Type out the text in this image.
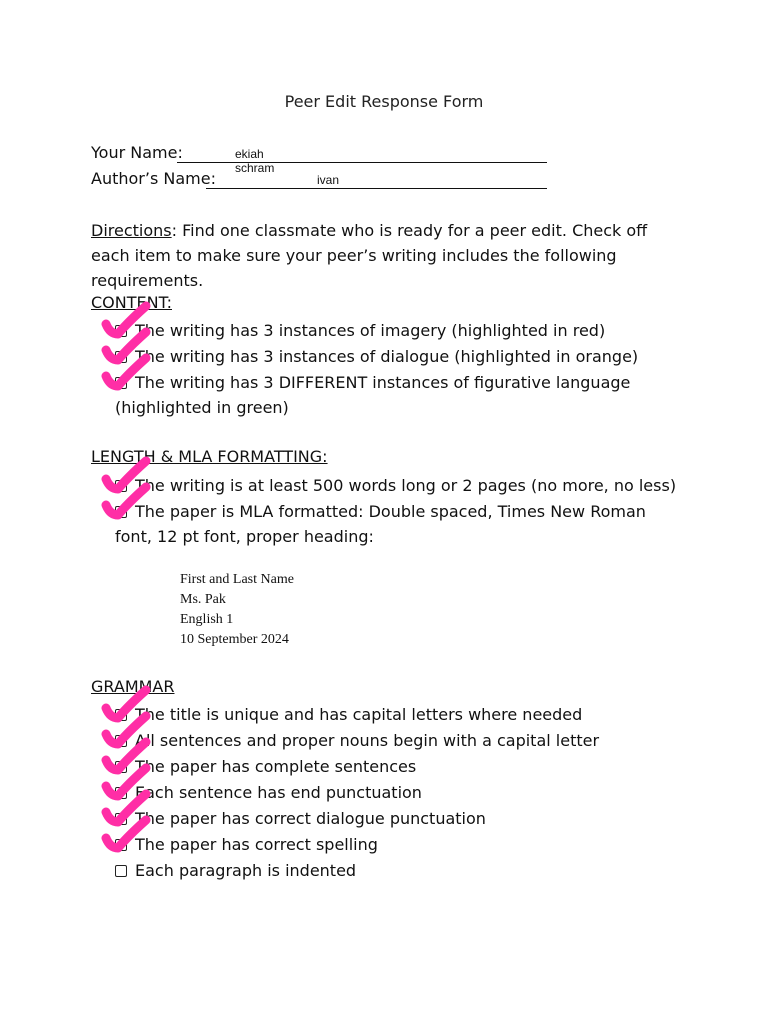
Peer Edit Response Form
Your Name:	ekiah schram
Author’s Name:	ivan
Directions: Find one classmate who is ready for a peer edit. Check off each item to make sure your peer’s writing includes the following requirements.
CONTENT:
The writing has 3 instances of imagery (highlighted in red)
The writing has 3 instances of dialogue (highlighted in orange)
The writing has 3 DIFFERENT instances of figurative language (highlighted in green)
LENGTH & MLA FORMATTING:
The writing is at least 500 words long or 2 pages (no more, no less)
The paper is MLA formatted: Double spaced, Times New Roman font, 12 pt font, proper heading:
First and Last Name
Ms. Pak
English 1
10 September 2024
GRAMMAR
The title is unique and has capital letters where needed
All sentences and proper nouns begin with a capital letter
The paper has complete sentences
Each sentence has end punctuation
The paper has correct dialogue punctuation
The paper has correct spelling
Each paragraph is indented
